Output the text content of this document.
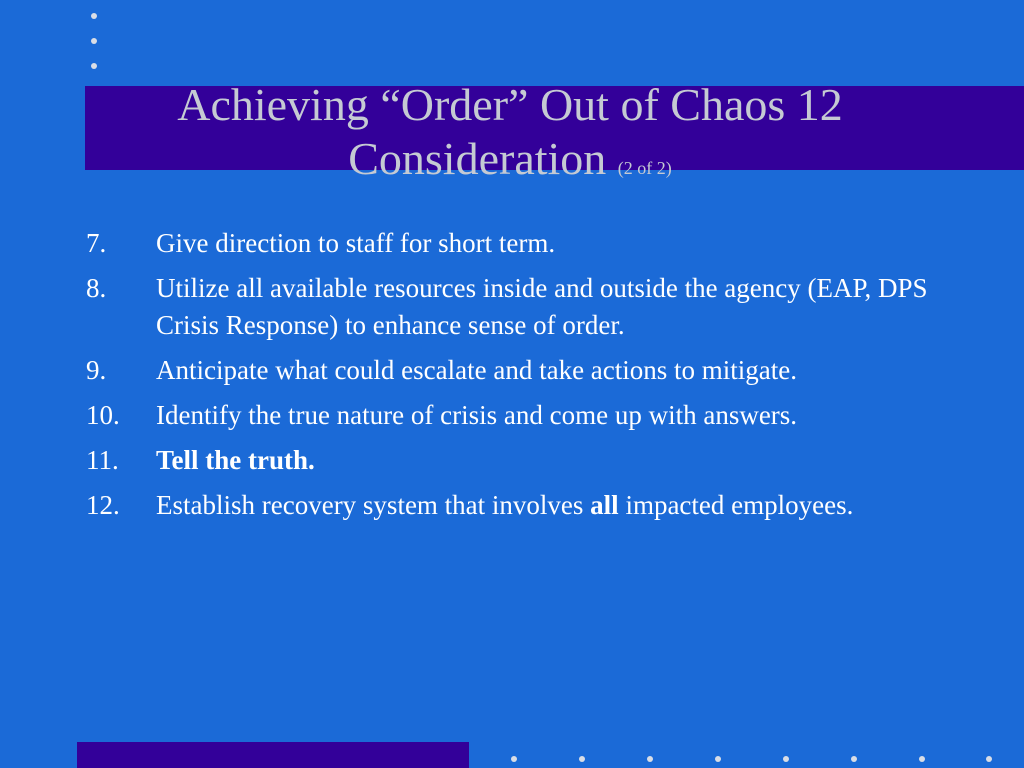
Achieving “Order” Out of Chaos 12
Consideration (2 of 2)
7. Give direction to staff for short term.
8. Utilize all available resources inside and outside the agency (EAP, DPS Crisis Response) to enhance sense of order.
9. Anticipate what could escalate and take actions to mitigate.
10. Identify the true nature of crisis and come up with answers.
11. Tell the truth.
12. Establish recovery system that involves all impacted employees.
